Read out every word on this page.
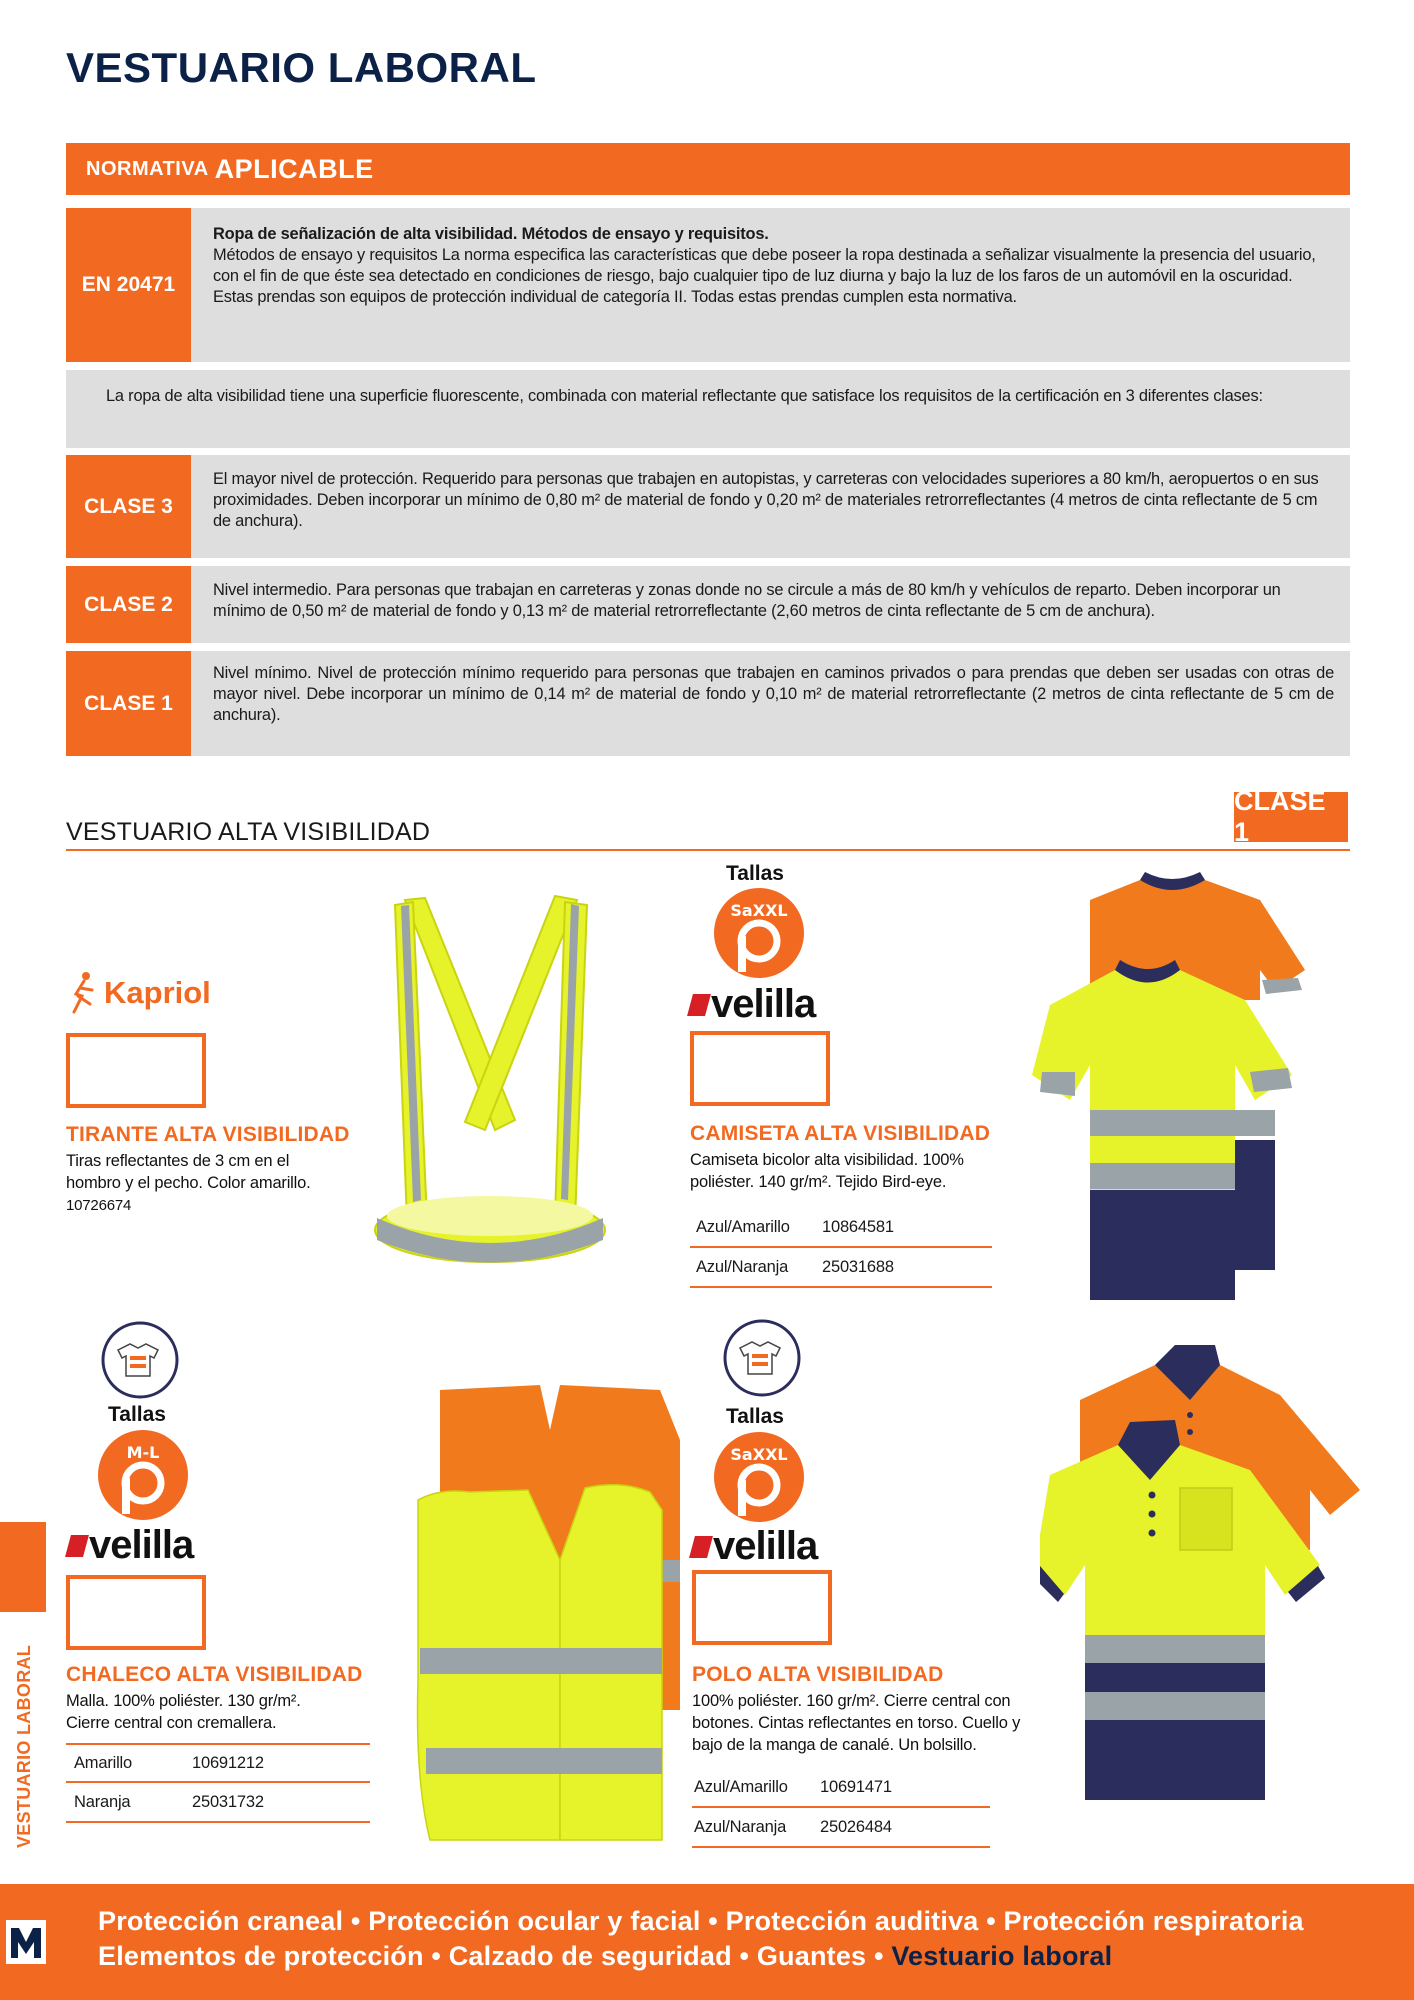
VESTUARIO LABORAL
NORMATIVA APLICABLE
EN 20471
Ropa de señalización de alta visibilidad. Métodos de ensayo y requisitos.
Métodos de ensayo y requisitos La norma especifica las características que debe poseer la ropa destinada a señalizar visualmente la presencia del usuario, con el fin de que éste sea detectado en condiciones de riesgo, bajo cualquier tipo de luz diurna y bajo la luz de los faros de un automóvil en la oscuridad. Estas prendas son equipos de protección individual de categoría II. Todas estas prendas cumplen esta normativa.
La ropa de alta visibilidad tiene una superficie fluorescente, combinada con material reflectante que satisface los requisitos de la certificación en 3 diferentes clases:
CLASE 3
El mayor nivel de protección. Requerido para personas que trabajen en autopistas, y carreteras con velocidades superiores a 80 km/h, aeropuertos o en sus proximidades. Deben incorporar un mínimo de 0,80 m² de material de fondo y 0,20 m² de materiales retrorreflectantes (4 metros de cinta reflectante de 5 cm de anchura).
CLASE 2
Nivel intermedio. Para personas que trabajan en carreteras y zonas donde no se circule a más de 80 km/h y vehículos de reparto. Deben incorporar un mínimo de 0,50 m² de material de fondo y 0,13 m² de material retrorreflectante (2,60 metros de cinta reflectante de 5 cm de anchura).
CLASE 1
Nivel mínimo. Nivel de protección mínimo requerido para personas que trabajen en caminos privados o para prendas que deben ser usadas con otras de mayor nivel. Debe incorporar un mínimo de 0,14 m² de material de fondo y 0,10 m² de material retrorreflectante (2 metros de cinta reflectante de 5 cm de anchura).
VESTUARIO ALTA VISIBILIDAD
CLASE 1
Kapriol
TIRANTE ALTA VISIBILIDAD
Tiras reflectantes de 3 cm en el hombro y el pecho. Color amarillo.
10726674
Tallas
SaXXL
velilla
CAMISETA ALTA VISIBILIDAD
Camiseta bicolor alta visibilidad. 100% poliéster. 140 gr/m². Tejido Bird-eye.
Azul/Amarillo	10864581
Azul/Naranja	25031688
Tallas
M-L
velilla
CHALECO ALTA VISIBILIDAD
Malla. 100% poliéster. 130 gr/m². Cierre central con cremallera.
Amarillo	10691212
Naranja	25031732
Tallas
SaXXL
velilla
POLO ALTA VISIBILIDAD
100% poliéster. 160 gr/m². Cierre central con botones. Cintas reflectantes en torso. Cuello y bajo de la manga de canalé. Un bolsillo.
Azul/Amarillo	10691471
Azul/Naranja	25026484
VESTUARIO LABORAL
Protección craneal • Protección ocular y facial • Protección auditiva • Protección respiratoria
Elementos de protección • Calzado de seguridad • Guantes • Vestuario laboral
